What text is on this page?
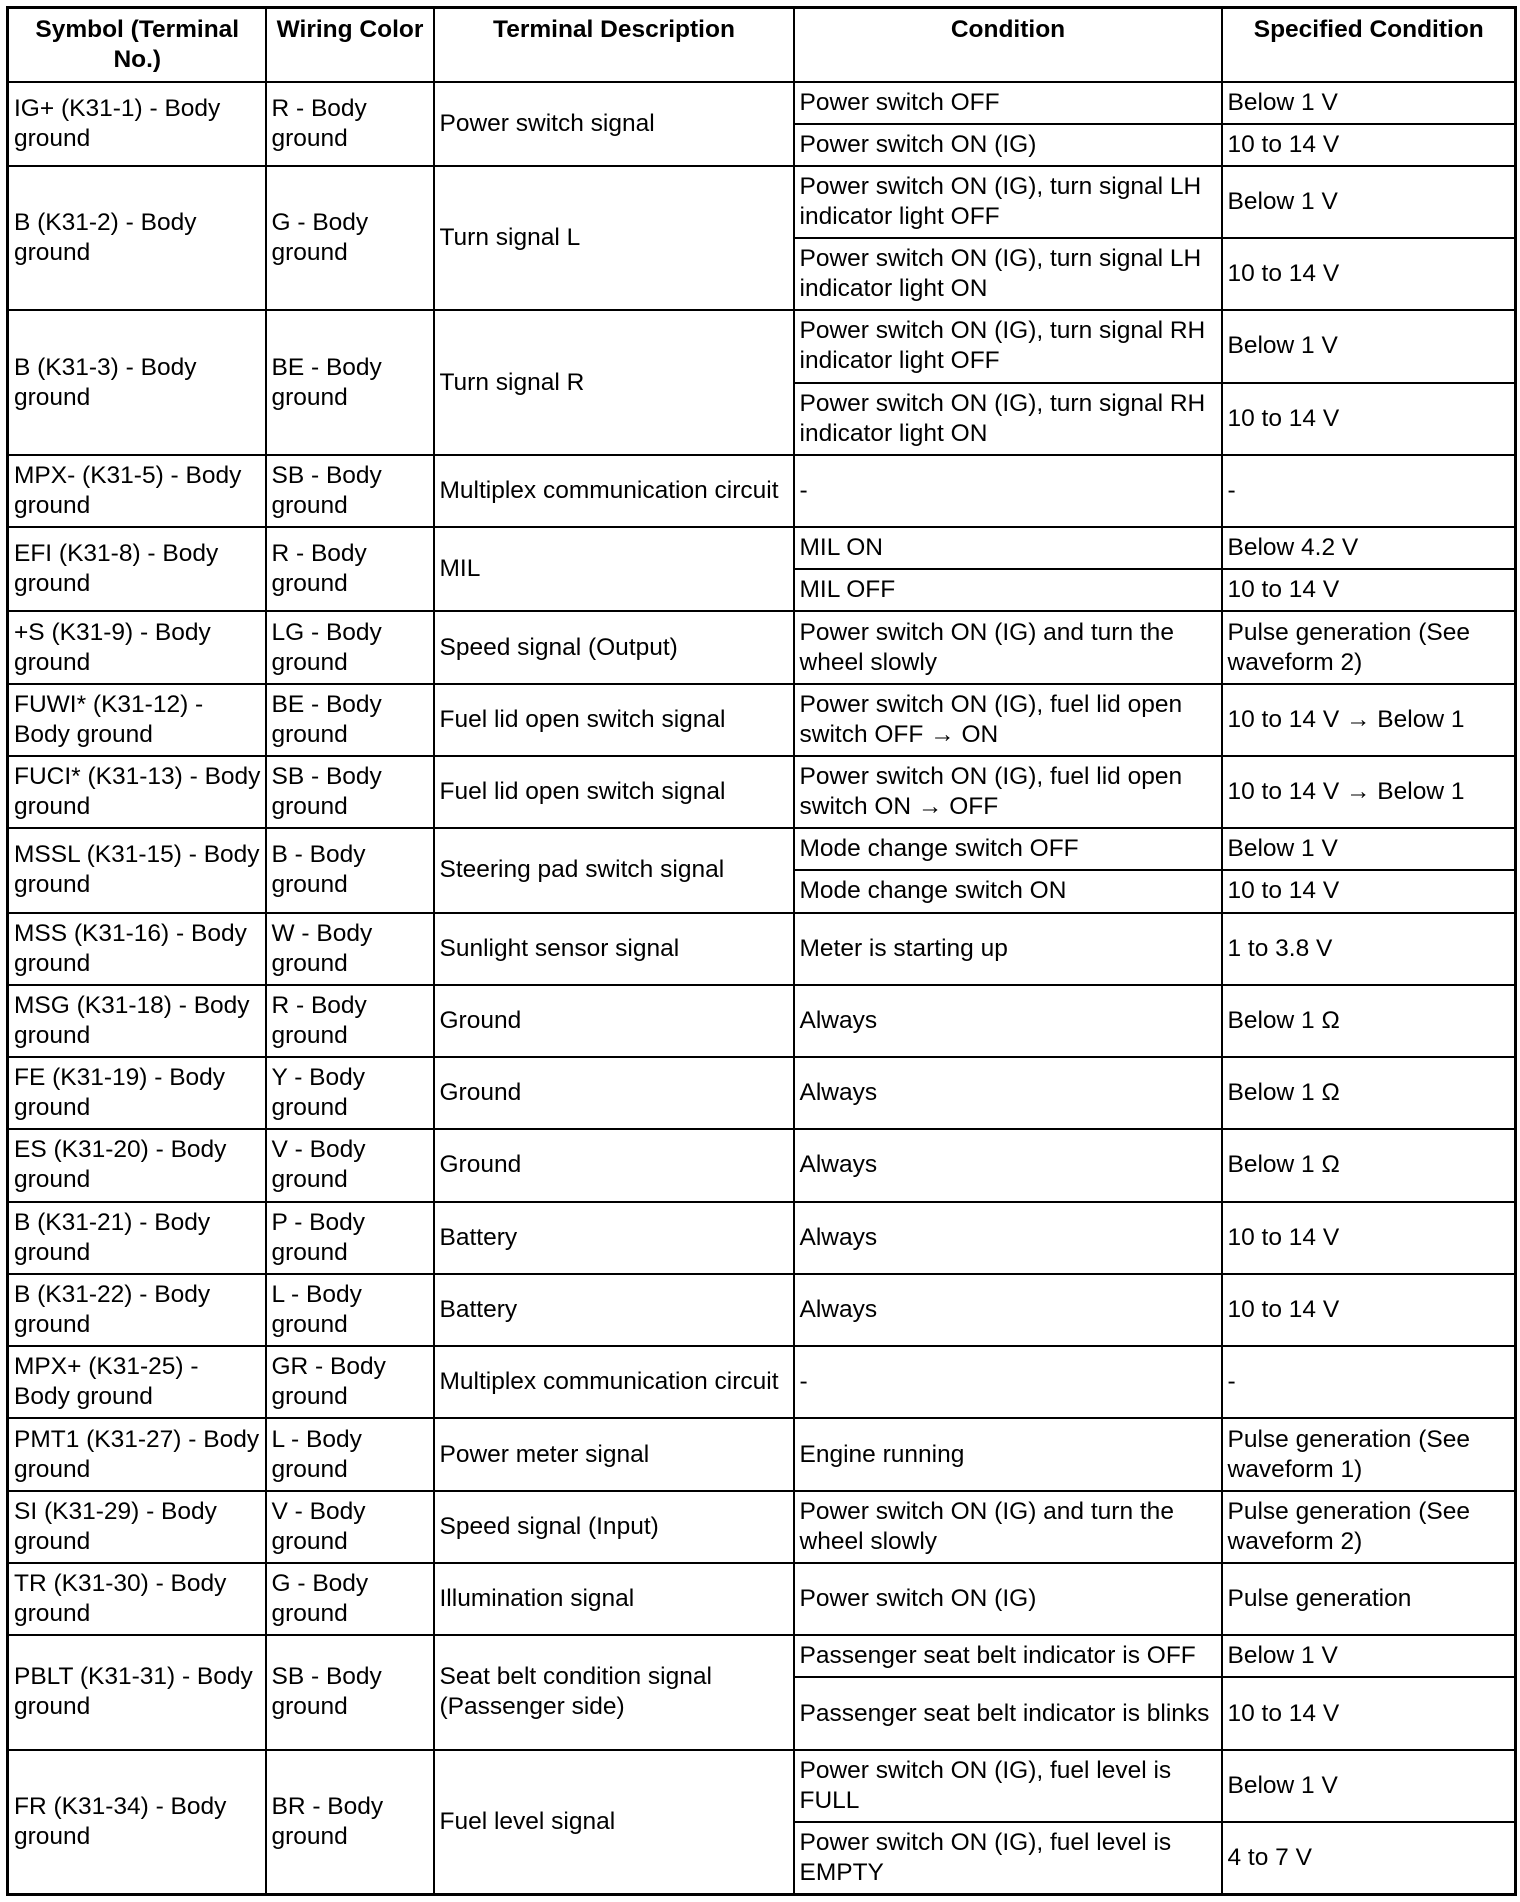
Symbol (Terminal No.)	Wiring Color	Terminal Description	Condition	Specified Condition
IG+ (K31-1) - Body ground	R - Body ground	Power switch signal	Power switch OFF	Below 1 V
			Power switch ON (IG)	10 to 14 V
B (K31-2) - Body ground	G - Body ground	Turn signal L	Power switch ON (IG), turn signal LH indicator light OFF	Below 1 V
			Power switch ON (IG), turn signal LH indicator light ON	10 to 14 V
B (K31-3) - Body ground	BE - Body ground	Turn signal R	Power switch ON (IG), turn signal RH indicator light OFF	Below 1 V
			Power switch ON (IG), turn signal RH indicator light ON	10 to 14 V
MPX- (K31-5) - Body ground	SB - Body ground	Multiplex communication circuit	-	-
EFI (K31-8) - Body ground	R - Body ground	MIL	MIL ON	Below 4.2 V
			MIL OFF	10 to 14 V
+S (K31-9) - Body ground	LG - Body ground	Speed signal (Output)	Power switch ON (IG) and turn the wheel slowly	Pulse generation (See waveform 2)
FUWI* (K31-12) - Body ground	BE - Body ground	Fuel lid open switch signal	Power switch ON (IG), fuel lid open switch OFF → ON	10 to 14 V → Below 1
FUCI* (K31-13) - Body ground	SB - Body ground	Fuel lid open switch signal	Power switch ON (IG), fuel lid open switch ON → OFF	10 to 14 V → Below 1
MSSL (K31-15) - Body ground	B - Body ground	Steering pad switch signal	Mode change switch OFF	Below 1 V
			Mode change switch ON	10 to 14 V
MSS (K31-16) - Body ground	W - Body ground	Sunlight sensor signal	Meter is starting up	1 to 3.8 V
MSG (K31-18) - Body ground	R - Body ground	Ground	Always	Below 1 Ω
FE (K31-19) - Body ground	Y - Body ground	Ground	Always	Below 1 Ω
ES (K31-20) - Body ground	V - Body ground	Ground	Always	Below 1 Ω
B (K31-21) - Body ground	P - Body ground	Battery	Always	10 to 14 V
B (K31-22) - Body ground	L - Body ground	Battery	Always	10 to 14 V
MPX+ (K31-25) - Body ground	GR - Body ground	Multiplex communication circuit	-	-
PMT1 (K31-27) - Body ground	L - Body ground	Power meter signal	Engine running	Pulse generation (See waveform 1)
SI (K31-29) - Body ground	V - Body ground	Speed signal (Input)	Power switch ON (IG) and turn the wheel slowly	Pulse generation (See waveform 2)
TR (K31-30) - Body ground	G - Body ground	Illumination signal	Power switch ON (IG)	Pulse generation
PBLT (K31-31) - Body ground	SB - Body ground	Seat belt condition signal (Passenger side)	Passenger seat belt indicator is OFF	Below 1 V
			Passenger seat belt indicator is blinks	10 to 14 V
FR (K31-34) - Body ground	BR - Body ground	Fuel level signal	Power switch ON (IG), fuel level is FULL	Below 1 V
			Power switch ON (IG), fuel level is EMPTY	4 to 7 V
